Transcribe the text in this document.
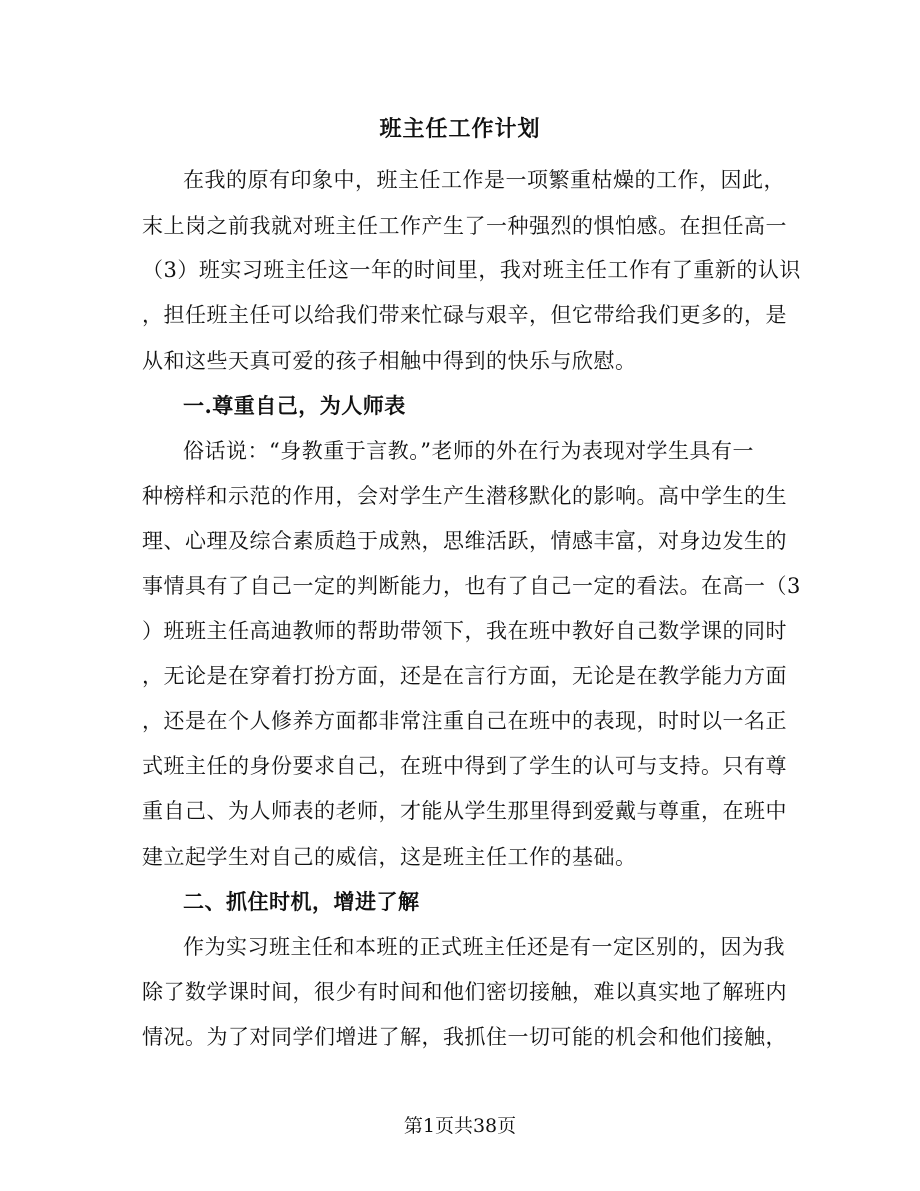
班主任工作计划
在我的原有印象中，班主任工作是一项繁重枯燥的工作，因此，
末上岗之前我就对班主任工作产生了一种强烈的惧怕感。在担任高一
（3）班实习班主任这一年的时间里，我对班主任工作有了重新的认识
，担任班主任可以给我们带来忙碌与艰辛，但它带给我们更多的，是
从和这些天真可爱的孩子相触中得到的快乐与欣慰。
一.尊重自己，为人师表
俗话说：“身教重于言教。”老师的外在行为表现对学生具有一
种榜样和示范的作用，会对学生产生潜移默化的影响。高中学生的生
理、心理及综合素质趋于成熟，思维活跃，情感丰富，对身边发生的
事情具有了自己一定的判断能力，也有了自己一定的看法。在高一（3
）班班主任高迪教师的帮助带领下，我在班中教好自己数学课的同时
，无论是在穿着打扮方面，还是在言行方面，无论是在教学能力方面
，还是在个人修养方面都非常注重自己在班中的表现，时时以一名正
式班主任的身份要求自己，在班中得到了学生的认可与支持。只有尊
重自己、为人师表的老师，才能从学生那里得到爱戴与尊重，在班中
建立起学生对自己的威信，这是班主任工作的基础。
二、抓住时机，增进了解
作为实习班主任和本班的正式班主任还是有一定区别的，因为我
除了数学课时间，很少有时间和他们密切接触，难以真实地了解班内
情况。为了对同学们增进了解，我抓住一切可能的机会和他们接触，
第1页共38页
